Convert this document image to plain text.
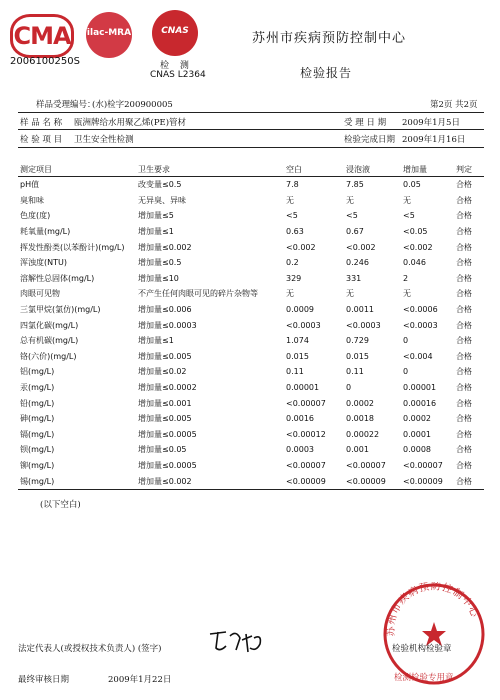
CMA
2006100250S
ilac-MRA	CNAS
检 测
CNAS L2364
苏州市疾病预防控制中心
检验报告
样品受理编号：
(水)检字200900005	第2页 共2页
样 品 名 称 瓯洲牌给水用聚乙烯(PE)管材	受 理 日 期 2009年1月5日
检 验 项 目 卫生安全性检测	检验完成日期 2009年1月16日
测定项目	卫生要求	空白	浸泡液	增加量	判定
pH值	改变量≤0.5	7.8	7.85	0.05	合格
臭和味	无异臭、异味	无	无	无	合格
色度(度)	增加量≤5	<5	<5	<5	合格
耗氧量(mg/L)	增加量≤1	0.63	0.67	<0.05	合格
挥发性酚类(以苯酚计)(mg/L)	增加量≤0.002	<0.002	<0.002	<0.002	合格
浑浊度(NTU)	增加量≤0.5	0.2	0.246	0.046	合格
溶解性总固体(mg/L)	增加量≤10	329	331	2	合格
肉眼可见物	不产生任何肉眼可见的碎片杂物等	无	无	无	合格
三氯甲烷(氯仿)(mg/L)	增加量≤0.006	0.0009	0.0011	<0.0006	合格
四氯化碳(mg/L)	增加量≤0.0003	<0.0003	<0.0003	<0.0003	合格
总有机碳(mg/L)	增加量≤1	1.074	0.729	0	合格
铬(六价)(mg/L)	增加量≤0.005	0.015	0.015	<0.004	合格
铝(mg/L)	增加量≤0.02	0.11	0.11	0	合格
汞(mg/L)	增加量≤0.0002	0.00001	0	0.00001	合格
铅(mg/L)	增加量≤0.001	<0.00007	0.0002	0.00016	合格
砷(mg/L)	增加量≤0.005	0.0016	0.0018	0.0002	合格
镉(mg/L)	增加量≤0.0005	<0.00012	0.00022	0.0001	合格
钡(mg/L)	增加量≤0.05	0.0003	0.001	0.0008	合格
铆(mg/L)	增加量≤0.0005	<0.00007	<0.00007	<0.00007	合格
锡(mg/L)	增加量≤0.002	<0.00009	<0.00009	<0.00009	合格
(以下空白)
法定代表人(或授权技术负责人) (签字)
最终审核日期	2009年1月22日
苏州市疾病预防控制中心
检验机构检验章
检测检验专用章
